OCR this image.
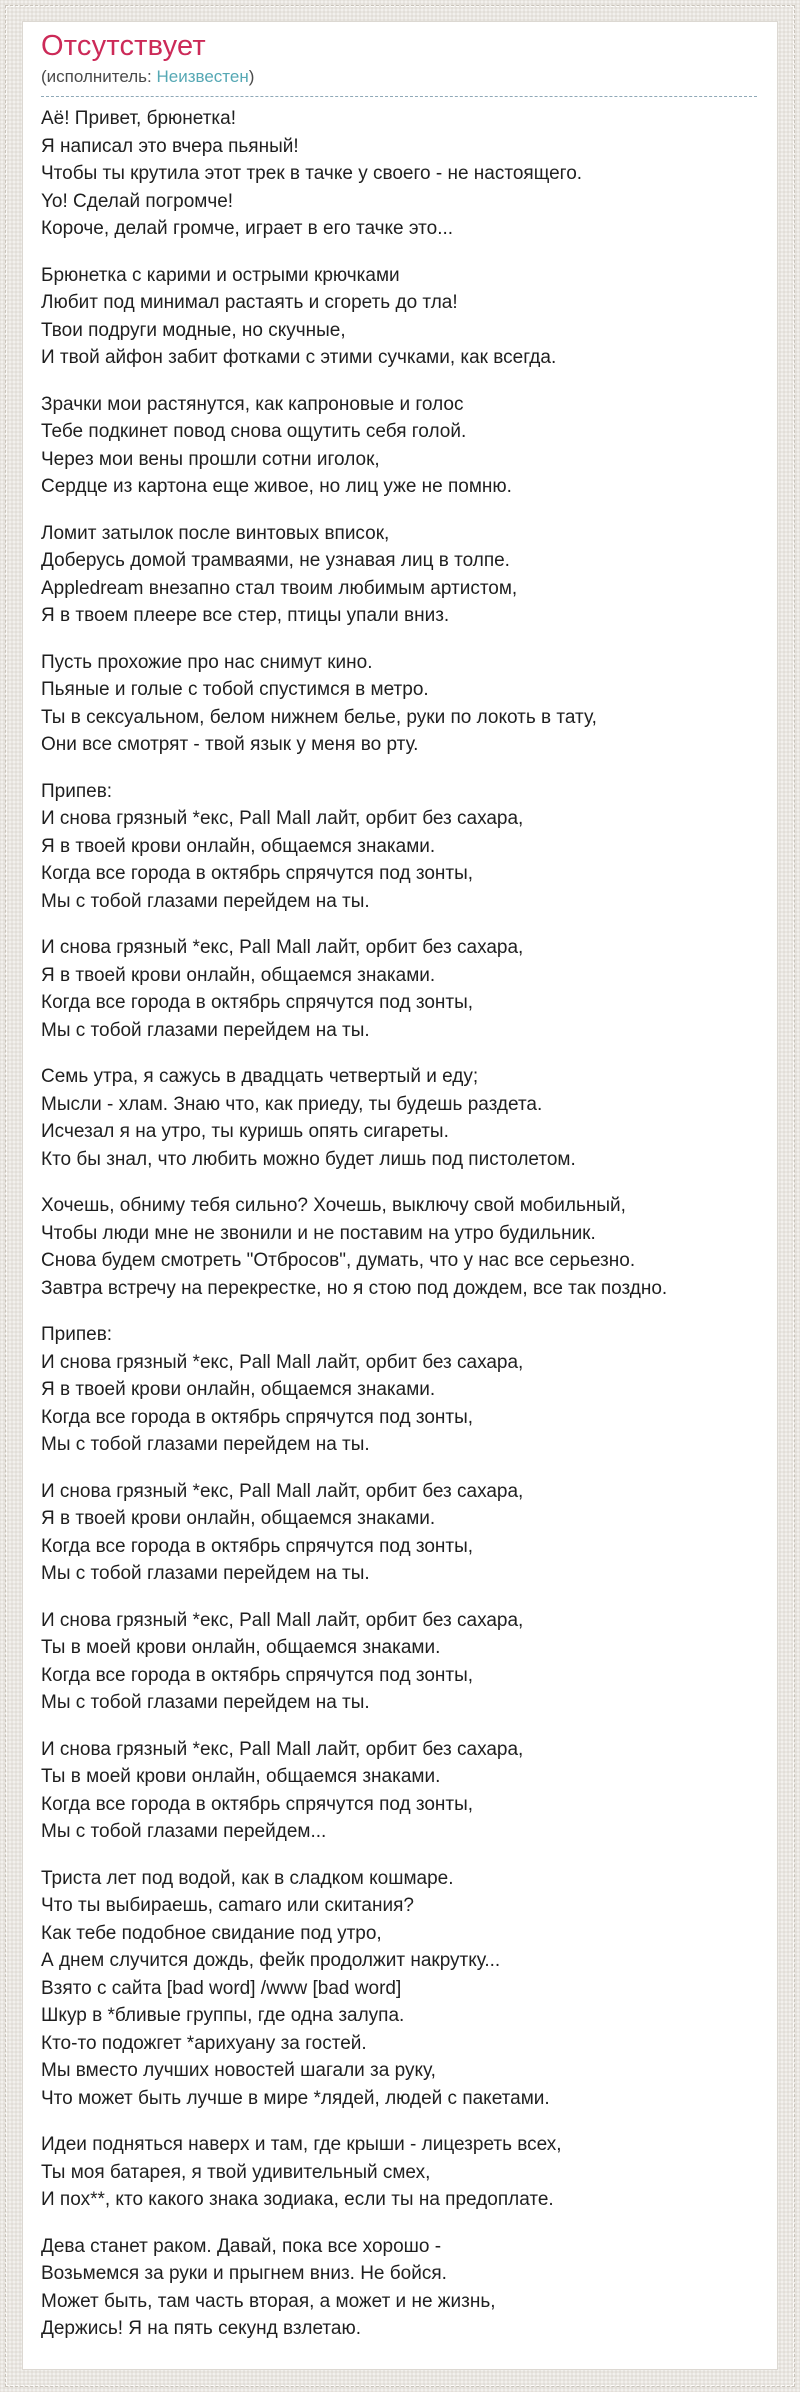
Отсутствует
(исполнитель: Неизвестен)

Аё! Привет, брюнетка!
Я написал это вчера пьяный!
Чтобы ты крутила этот трек в тачке у своего - не настоящего.
Yo! Сделай погромче!
Короче, делай громче, играет в его тачке это...

Брюнетка с карими и острыми крючками
Любит под минимал растаять и сгореть до тла!
Твои подруги модные, но скучные,
И твой айфон забит фотками с этими сучками, как всегда.

Зрачки мои растянутся, как капроновые и голос
Тебе подкинет повод снова ощутить себя голой.
Через мои вены прошли сотни иголок,
Сердце из картона еще живое, но лиц уже не помню.

Ломит затылок после винтовых вписок,
Доберусь домой трамваями, не узнавая лиц в толпе.
Appledream внезапно стал твоим любимым артистом,
Я в твоем плеере все стер, птицы упали вниз.

Пусть прохожие про нас снимут кино.
Пьяные и голые с тобой спустимся в метро.
Ты в сексуальном, белом нижнем белье, руки по локоть в тату,
Они все смотрят - твой язык у меня во рту.

Припев:
И снова грязный *екс, Pall Mall лайт, орбит без сахара,
Я в твоей крови онлайн, общаемся знаками.
Когда все города в октябрь спрячутся под зонты,
Мы с тобой глазами перейдем на ты.

И снова грязный *екс, Pall Mall лайт, орбит без сахара,
Я в твоей крови онлайн, общаемся знаками.
Когда все города в октябрь спрячутся под зонты,
Мы с тобой глазами перейдем на ты.

Семь утра, я сажусь в двадцать четвертый и еду;
Мысли - хлам. Знаю что, как приеду, ты будешь раздета.
Исчезал я на утро, ты куришь опять сигареты.
Кто бы знал, что любить можно будет лишь под пистолетом.

Хочешь, обниму тебя сильно? Хочешь, выключу свой мобильный,
Чтобы люди мне не звонили и не поставим на утро будильник.
Снова будем смотреть "Отбросов", думать, что у нас все серьезно.
Завтра встречу на перекрестке, но я стою под дождем, все так поздно.

Припев:
И снова грязный *екс, Pall Mall лайт, орбит без сахара,
Я в твоей крови онлайн, общаемся знаками.
Когда все города в октябрь спрячутся под зонты,
Мы с тобой глазами перейдем на ты.

И снова грязный *екс, Pall Mall лайт, орбит без сахара,
Я в твоей крови онлайн, общаемся знаками.
Когда все города в октябрь спрячутся под зонты,
Мы с тобой глазами перейдем на ты.

И снова грязный *екс, Pall Mall лайт, орбит без сахара,
Ты в моей крови онлайн, общаемся знаками.
Когда все города в октябрь спрячутся под зонты,
Мы с тобой глазами перейдем на ты.

И снова грязный *екс, Pall Mall лайт, орбит без сахара,
Ты в моей крови онлайн, общаемся знаками.
Когда все города в октябрь спрячутся под зонты,
Мы с тобой глазами перейдем...

Триста лет под водой, как в сладком кошмаре.
Что ты выбираешь, camaro или скитания?
Как тебе подобное свидание под утро,
А днем случится дождь, фейк продолжит накрутку...
Взято с сайта [bad word] /www [bad word]
Шкур в *бливые группы, где одна залупа.
Кто-то подожгет *арихуану за гостей.
Мы вместо лучших новостей шагали за руку,
Что может быть лучше в мире *лядей, людей с пакетами.

Идеи подняться наверх и там, где крыши - лицезреть всех,
Ты моя батарея, я твой удивительный смех,
И пох**, кто какого знака зодиака, если ты на предоплате.

Дева станет раком. Давай, пока все хорошо -
Возьмемся за руки и прыгнем вниз. Не бойся.
Может быть, там часть вторая, а может и не жизнь,
Держись! Я на пять секунд взлетаю.
